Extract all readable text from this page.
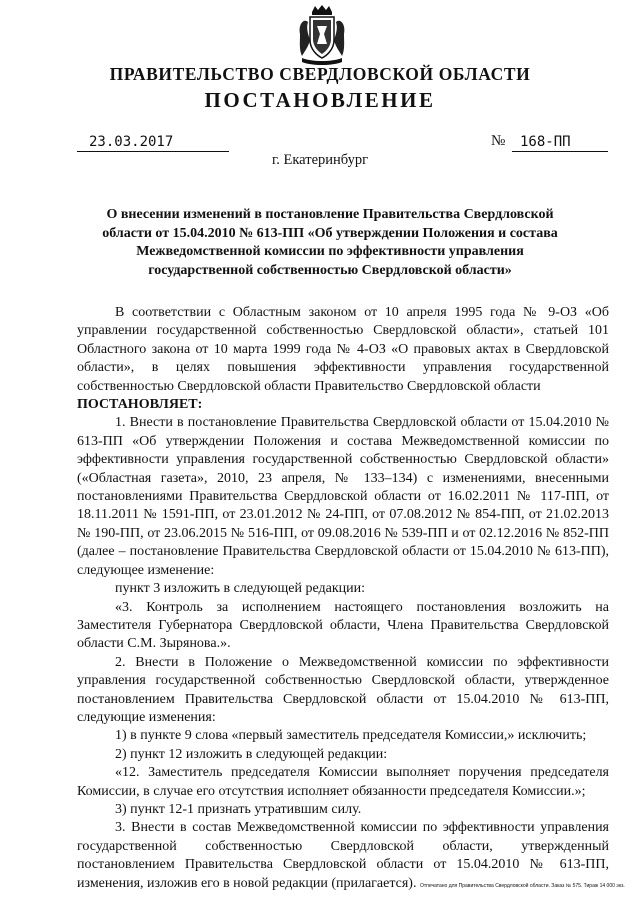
ПРАВИТЕЛЬСТВО СВЕРДЛОВСКОЙ ОБЛАСТИ
ПОСТАНОВЛЕНИЕ
23.03.2017	№	168-ПП
г. Екатеринбург
О внесении изменений в постановление Правительства Свердловской области от 15.04.2010 № 613-ПП «Об утверждении Положения и состава Межведомственной комиссии по эффективности управления государственной собственностью Свердловской области»

В соответствии с Областным законом от 10 апреля 1995 года № 9-ОЗ «Об управлении государственной собственностью Свердловской области», статьей 101 Областного закона от 10 марта 1999 года № 4-ОЗ «О правовых актах в Свердловской области», в целях повышения эффективности управления государственной собственностью Свердловской области Правительство Свердловской области

ПОСТАНОВЛЯЕТ:

1. Внести в постановление Правительства Свердловской области от 15.04.2010 № 613-ПП «Об утверждении Положения и состава Межведомственной комиссии по эффективности управления государственной собственностью Свердловской области» («Областная газета», 2010, 23 апреля, № 133–134) с изменениями, внесенными постановлениями Правительства Свердловской области от 16.02.2011 № 117-ПП, от 18.11.2011 № 1591-ПП, от 23.01.2012 № 24-ПП, от 07.08.2012 № 854-ПП, от 21.02.2013 № 190-ПП, от 23.06.2015 № 516-ПП, от 09.08.2016 № 539-ПП и от 02.12.2016 № 852-ПП (далее – постановление Правительства Свердловской области от 15.04.2010 № 613-ПП), следующее изменение:

пункт 3 изложить в следующей редакции:

«3. Контроль за исполнением настоящего постановления возложить на Заместителя Губернатора Свердловской области, Члена Правительства Свердловской области С.М. Зырянова.».

2. Внести в Положение о Межведомственной комиссии по эффективности управления государственной собственностью Свердловской области, утвержденное постановлением Правительства Свердловской области от 15.04.2010 № 613-ПП, следующие изменения:

1) в пункте 9 слова «первый заместитель председателя Комиссии,» исключить;

2) пункт 12 изложить в следующей редакции:

«12. Заместитель председателя Комиссии выполняет поручения председателя Комиссии, в случае его отсутствия исполняет обязанности председателя Комиссии.»;

3) пункт 12-1 признать утратившим силу.

3. Внести в состав Межведомственной комиссии по эффективности управления государственной собственностью Свердловской области, утвержденный постановлением Правительства Свердловской области от 15.04.2010 № 613-ПП, изменения, изложив его в новой редакции (прилагается). Отпечатано для Правительства Свердловской области. Заказ № 575. Тираж 14 000 экз.
